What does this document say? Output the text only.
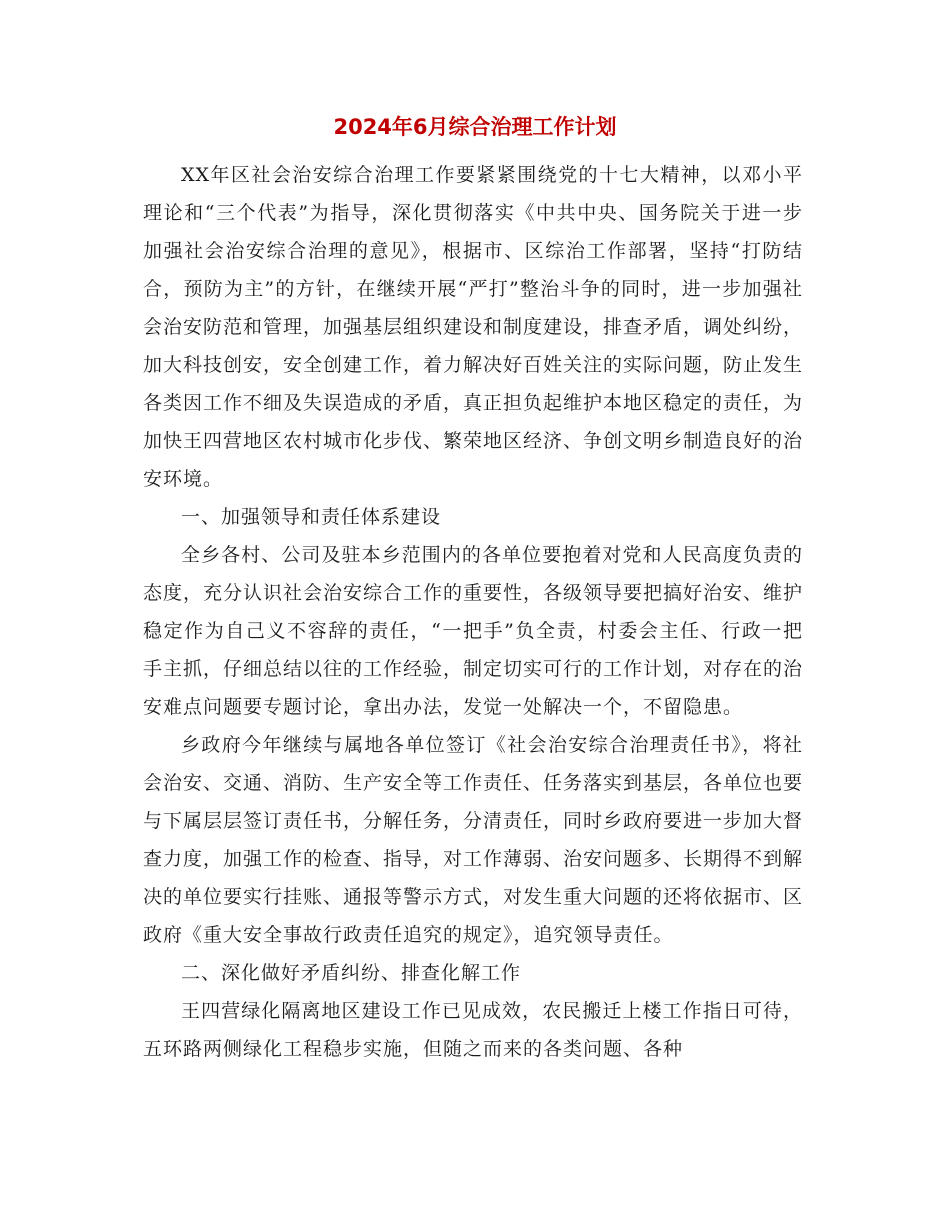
2024年6月综合治理工作计划

XX年区社会治安综合治理工作要紧紧围绕党的十七大精神，以邓小平理论和“三个代表”为指导，深化贯彻落实《中共中央、国务院关于进一步加强社会治安综合治理的意见》，根据市、区综治工作部署，坚持“打防结合，预防为主”的方针，在继续开展“严打”整治斗争的同时，进一步加强社会治安防范和管理，加强基层组织建设和制度建设，排查矛盾，调处纠纷，加大科技创安，安全创建工作，着力解决好百姓关注的实际问题，防止发生各类因工作不细及失误造成的矛盾，真正担负起维护本地区稳定的责任，为加快王四营地区农村城市化步伐、繁荣地区经济、争创文明乡制造良好的治安环境。

一、加强领导和责任体系建设

全乡各村、公司及驻本乡范围内的各单位要抱着对党和人民高度负责的态度，充分认识社会治安综合工作的重要性，各级领导要把搞好治安、维护稳定作为自己义不容辞的责任，“一把手”负全责，村委会主任、行政一把手主抓，仔细总结以往的工作经验，制定切实可行的工作计划，对存在的治安难点问题要专题讨论，拿出办法，发觉一处解决一个，不留隐患。

乡政府今年继续与属地各单位签订《社会治安综合治理责任书》，将社会治安、交通、消防、生产安全等工作责任、任务落实到基层，各单位也要与下属层层签订责任书，分解任务，分清责任，同时乡政府要进一步加大督查力度，加强工作的检查、指导，对工作薄弱、治安问题多、长期得不到解决的单位要实行挂账、通报等警示方式，对发生重大问题的还将依据市、区政府《重大安全事故行政责任追究的规定》，追究领导责任。

二、深化做好矛盾纠纷、排查化解工作

王四营绿化隔离地区建设工作已见成效，农民搬迁上楼工作指日可待，五环路两侧绿化工程稳步实施，但随之而来的各类问题、各种
